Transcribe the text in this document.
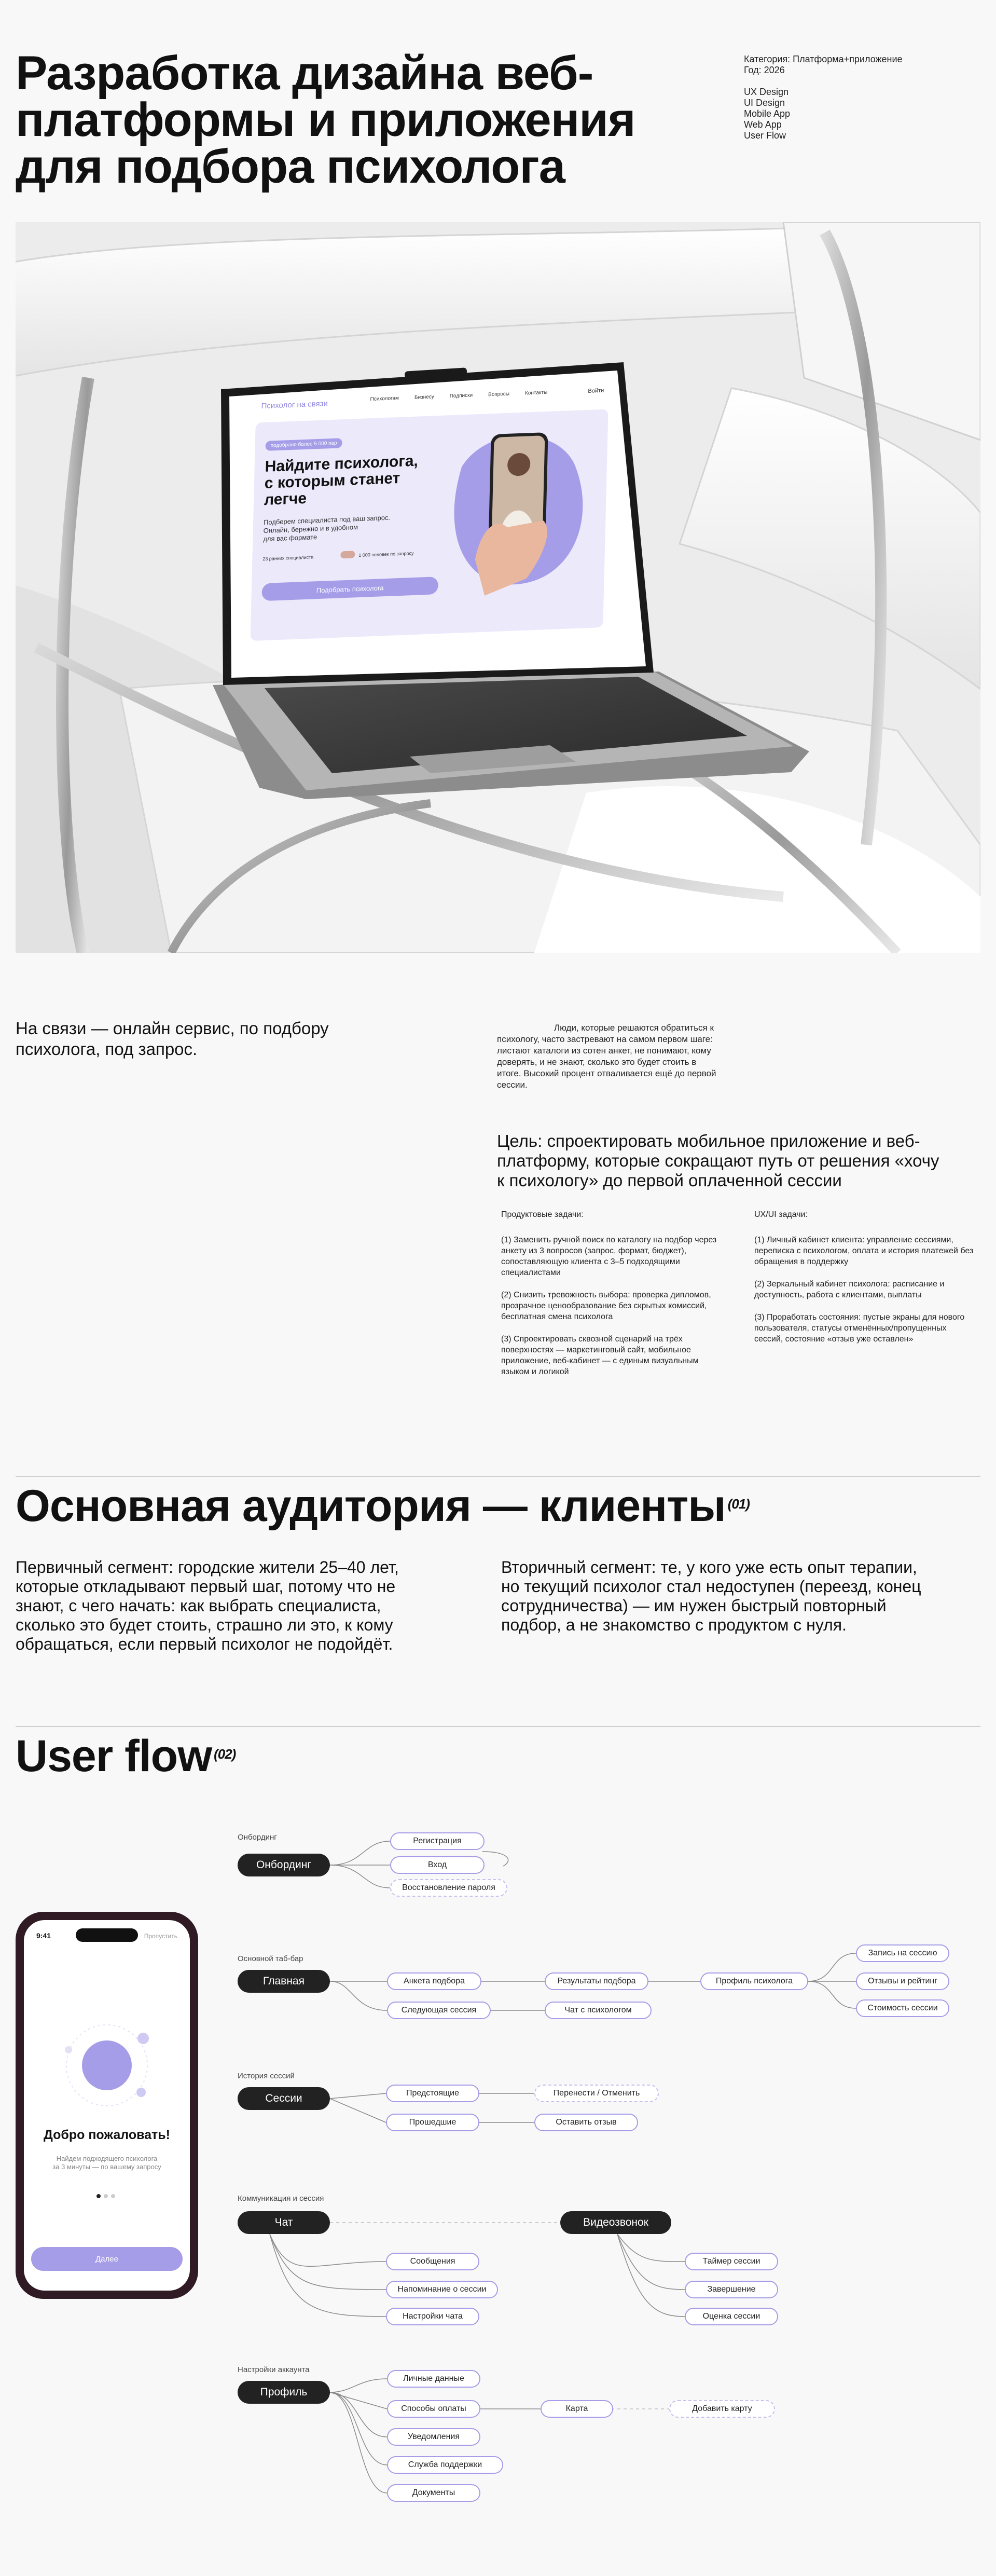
Разработка дизайна веб-
платформы и приложения
для подбора психолога
Категория: Платформа+приложение
Год: 2026
UX Design
UI Design
Mobile App
Web App
User Flow
Психолог на связи
Психологам	Бизнесу	Подписки	Вопросы	Контакты	Войти
подобрано более 5 000 пар
Найдите психолога,
с которым станет
легче
Подберем специалиста под ваш запрос.
Онлайн, бережно и в удобном
для вас формате
23 ранних специалиста
1 000 человек по запросу
Подобрать психолога

На связи — онлайн сервис, по подбору психолога, под запрос.

Люди, которые решаются обратиться к психологу, часто застревают на самом первом шаге: листают каталоги из сотен анкет, не понимают, кому доверять, и не знают, сколько это будет стоить в итоге. Высокий процент отваливается ещё до первой сессии.

Цель: спроектировать мобильное приложение и веб-платформу, которые сокращают путь от решения «хочу к психологу» до первой оплаченной сессии

Продуктовые задачи:

(1) Заменить ручной поиск по каталогу на подбор через анкету из 3 вопросов (запрос, формат, бюджет), сопоставляющую клиента с 3–5 подходящими специалистами

(2) Снизить тревожность выбора: проверка дипломов, прозрачное ценообразование без скрытых комиссий, бесплатная смена психолога

(3) Спроектировать сквозной сценарий на трёх поверхностях — маркетинговый сайт, мобильное приложение, веб-кабинет — с единым визуальным языком и логикой

UX/UI задачи:

(1) Личный кабинет клиента: управление сессиями, переписка с психологом, оплата и история платежей без обращения в поддержку

(2) Зеркальный кабинет психолога: расписание и доступность, работа с клиентами, выплаты

(3) Проработать состояния: пустые экраны для нового пользователя, статусы отменённых/пропущенных сессий, состояние «отзыв уже оставлен»

Основная аудитория — клиенты $^{(01)}$

Первичный сегмент: городские жители 25–40 лет, которые откладывают первый шаг, потому что не знают, с чего начать: как выбрать специалиста, сколько это будет стоить, страшно ли это, к кому обращаться, если первый психолог не подойдёт.

Вторичный сегмент: те, у кого уже есть опыт терапии, но текущий психолог стал недоступен (переезд, конец сотрудничества) — им нужен быстрый повторный подбор, а не знакомство с продуктом с нуля.

User flow $^{(02)}$
Онбординг
Онбординг
Регистрация
Вход
Восстановление пароля
Основной таб-бар
Главная	Анкета подбора	Результаты подбора	Профиль психолога
Запись на сессию
Отзывы и рейтинг
Стоимость сессии
Следующая сессия	Чат с психологом
История сессий
Сессии	Предстоящие	Перенести / Отменить
Прошедшие	Оставить отзыв
Коммуникация и сессия
Чат	Видеозвонок
Сообщения
Напоминание о сессии
Настройки чата
Таймер сессии
Завершение
Оценка сессии
Настройки аккаунта
Профиль
Личные данные
Способы оплаты
Уведомления
Служба поддержки
Документы
Карта	Добавить карту
9:41	Пропустить
Добро пожаловать!
Найдем подходящего психолога
за 3 минуты — по вашему запросу
Далее
